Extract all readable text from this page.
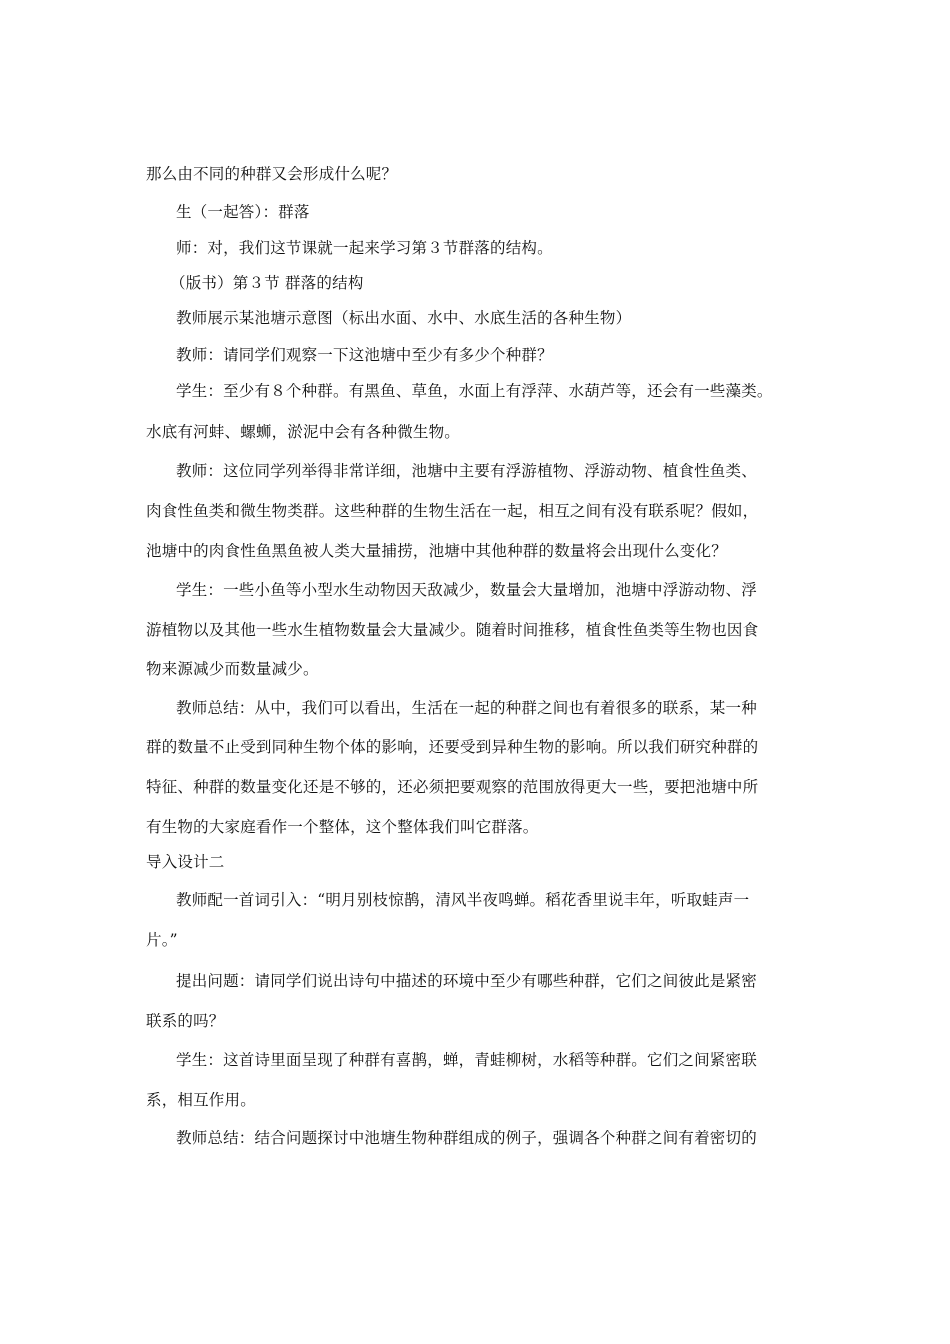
那么由不同的种群又会形成什么呢？
生（一起答）：群落
师：对，我们这节课就一起来学习第３节群落的结构。
（版书）第３节 群落的结构
教师展示某池塘示意图（标出水面、水中、水底生活的各种生物）
教师：请同学们观察一下这池塘中至少有多少个种群？
学生：至少有８个种群。有黑鱼、草鱼，水面上有浮萍、水葫芦等，还会有一些藻类。
水底有河蚌、螺蛳，淤泥中会有各种微生物。
教师：这位同学列举得非常详细，池塘中主要有浮游植物、浮游动物、植食性鱼类、
肉食性鱼类和微生物类群。这些种群的生物生活在一起，相互之间有没有联系呢？假如，
池塘中的肉食性鱼黑鱼被人类大量捕捞，池塘中其他种群的数量将会出现什么变化？
学生：一些小鱼等小型水生动物因天敌减少，数量会大量增加，池塘中浮游动物、浮
游植物以及其他一些水生植物数量会大量减少。随着时间推移，植食性鱼类等生物也因食
物来源减少而数量减少。
教师总结：从中，我们可以看出，生活在一起的种群之间也有着很多的联系，某一种
群的数量不止受到同种生物个体的影响，还要受到异种生物的影响。所以我们研究种群的
特征、种群的数量变化还是不够的，还必须把要观察的范围放得更大一些，要把池塘中所
有生物的大家庭看作一个整体，这个整体我们叫它群落。
导入设计二
教师配一首词引入：“明月别枝惊鹊，清风半夜鸣蝉。稻花香里说丰年，听取蛙声一
片。”
提出问题：请同学们说出诗句中描述的环境中至少有哪些种群，它们之间彼此是紧密
联系的吗？
学生：这首诗里面呈现了种群有喜鹊，蝉，青蛙柳树，水稻等种群。它们之间紧密联
系，相互作用。
教师总结：结合问题探讨中池塘生物种群组成的例子，强调各个种群之间有着密切的
